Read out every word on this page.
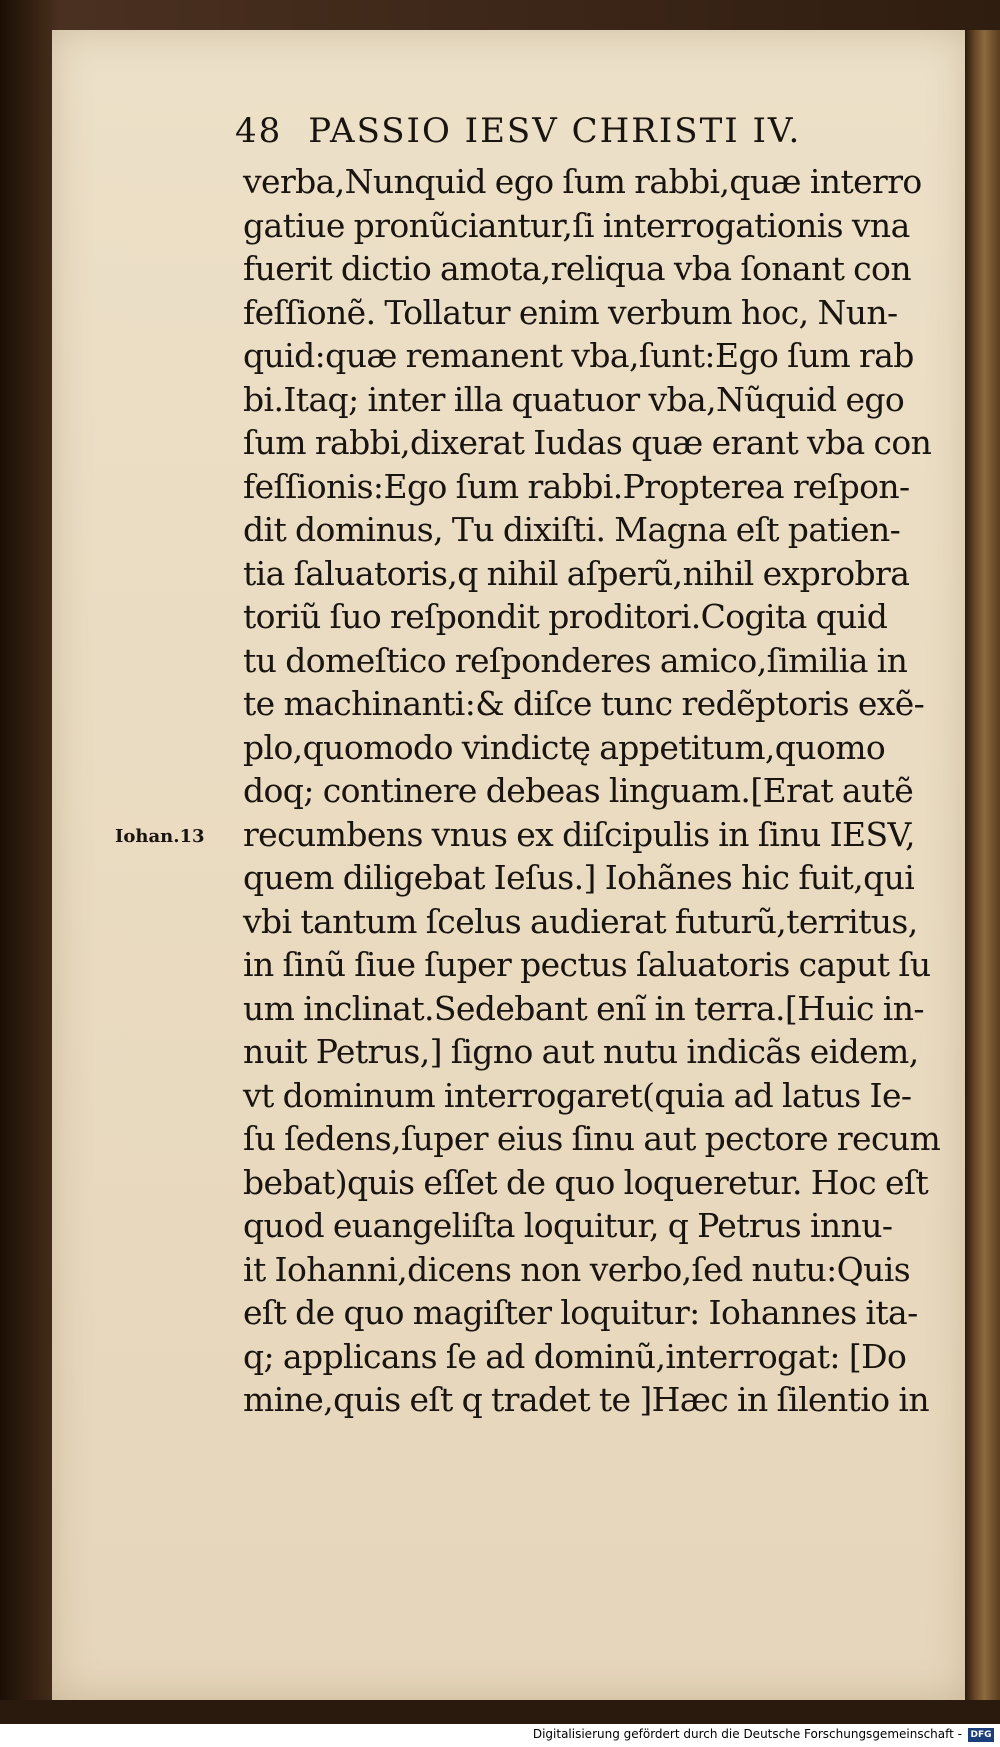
48 PASSIO IESV CHRISTI IV.
Iohan.13
verba,Nunquid ego ſum rabbi,quæ interro
gatiue pronũciantur,ſi interrogationis vna
fuerit dictio amota,reliqua vba ſonant con
feſſionẽ. Tollatur enim verbum hoc, Nun-
quid:quæ remanent vba,ſunt:Ego ſum rab
bi.Itaq; inter illa quatuor vba,Nũquid ego
ſum rabbi,dixerat Iudas quæ erant vba con
feſſionis:Ego ſum rabbi.Propterea reſpon-
dit dominus, Tu dixiſti. Magna eſt patien-
tia ſaluatoris,q nihil aſperũ,nihil exprobra
toriũ ſuo reſpondit proditori.Cogita quid
tu domeſtico reſponderes amico,ſimilia in
te machinanti:& diſce tunc redẽptoris exẽ-
plo,quomodo vindictę appetitum,quomo
doq; continere debeas linguam.[Erat autẽ
recumbens vnus ex diſcipulis in ſinu IESV,
quem diligebat Ieſus.] Iohãnes hic fuit,qui
vbi tantum ſcelus audierat futurũ,territus,
in ſinũ ſiue ſuper pectus ſaluatoris caput ſu
um inclinat.Sedebant enĩ in terra.[Huic in-
nuit Petrus,] ſigno aut nutu indicãs eidem,
vt dominum interrogaret(quia ad latus Ie-
ſu ſedens,ſuper eius ſinu aut pectore recum
bebat)quis eſſet de quo loqueretur. Hoc eſt
quod euangeliſta loquitur, q Petrus innu-
it Iohanni,dicens non verbo,ſed nutu:Quis
eſt de quo magiſter loquitur: Iohannes ita-
q; applicans ſe ad dominũ,interrogat: [Do
mine,quis eſt q tradet te ]Hæc in ſilentio in
Digitalisierung gefördert durch die Deutsche Forschungsgemeinschaft - DFG
